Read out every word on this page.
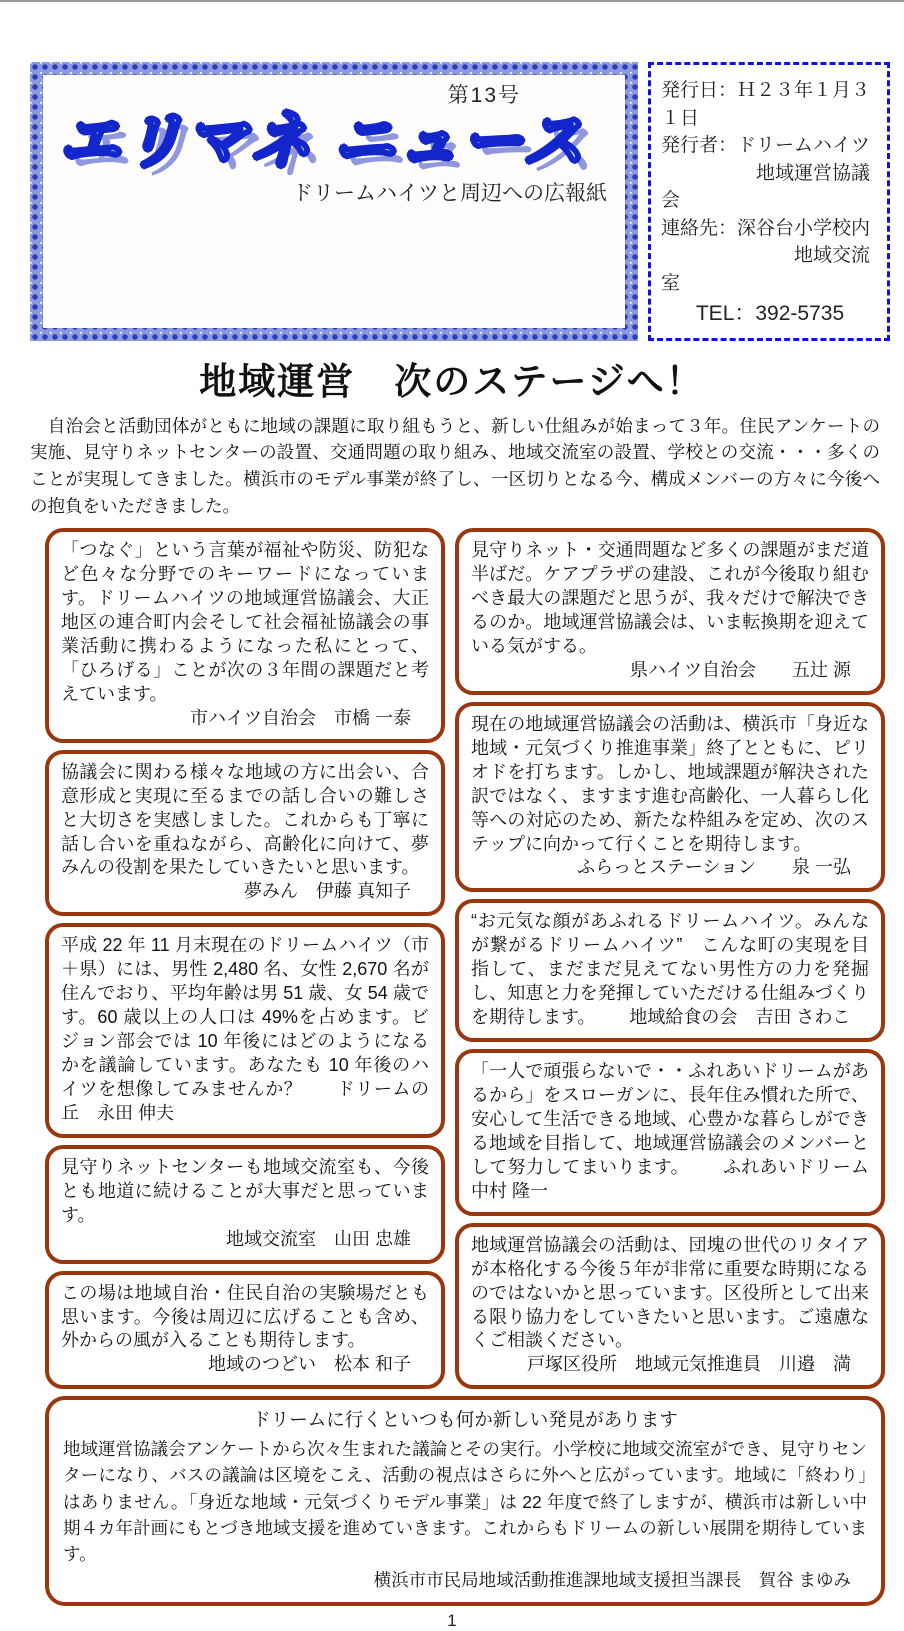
第13号
エリマネ ニュース
ドリームハイツと周辺への広報紙
発行日：Ｈ２３年１月３１日
発行者：ドリームハイツ
　　　　　地域運営協議会
連絡先：深谷台小学校内
　　　　　　　地域交流室
TEL：392-5735
地域運営　次のステージへ！
　自治会と活動団体がともに地域の課題に取り組もうと、新しい仕組みが始まって３年。住民アンケートの実施、見守りネットセンターの設置、交通問題の取り組み、地域交流室の設置、学校との交流・・・多くのことが実現してきました。横浜市のモデル事業が終了し、一区切りとなる今、構成メンバーの方々に今後への抱負をいただきました。
「つなぐ」という言葉が福祉や防災、防犯など色々な分野でのキーワードになっています。ドリームハイツの地域運営協議会、大正地区の連合町内会そして社会福祉協議会の事業活動に携わるようになった私にとって、「ひろげる」ことが次の３年間の課題だと考えています。
市ハイツ自治会　市橋 一泰
協議会に関わる様々な地域の方に出会い、合意形成と実現に至るまでの話し合いの難しさと大切さを実感しました。これからも丁寧に話し合いを重ねながら、高齢化に向けて、夢みんの役割を果たしていきたいと思います。
夢みん　伊藤 真知子
平成 22 年 11 月末現在のドリームハイツ（市＋県）には、男性 2,480 名、女性 2,670 名が住んでおり、平均年齢は男 51 歳、女 54 歳です。60 歳以上の人口は 49%を占めます。ビジョン部会では 10 年後にはどのようになるかを議論しています。あなたも 10 年後のハイツを想像してみませんか？ ドリームの丘　永田 伸夫
見守りネットセンターも地域交流室も、今後とも地道に続けることが大事だと思っています。
地域交流室　山田 忠雄
この場は地域自治・住民自治の実験場だとも思います。今後は周辺に広げることも含め、外からの風が入ることも期待します。
地域のつどい　松本 和子
見守りネット・交通問題など多くの課題がまだ道半ばだ。ケアプラザの建設、これが今後取り組むべき最大の課題だと思うが、我々だけで解決できるのか。地域運営協議会は、いま転換期を迎えている気がする。
県ハイツ自治会　　五辻 源
現在の地域運営協議会の活動は、横浜市「身近な地域・元気づくり推進事業」終了とともに、ピリオドを打ちます。しかし、地域課題が解決された訳ではなく、ますます進む高齢化、一人暮らし化等への対応のため、新たな枠組みを定め、次のステップに向かって行くことを期待します。
ふらっとステーション　　泉 一弘
“お元気な顔があふれるドリームハイツ。みんなが繋がるドリームハイツ”　こんな町の実現を目指して、まだまだ見えてない男性方の力を発掘し、知恵と力を発揮していただける仕組みづくりを期待します。 地域給食の会　吉田 さわこ
「一人で頑張らないで・・ふれあいドリームがあるから」をスローガンに、長年住み慣れた所で、安心して生活できる地域、心豊かな暮らしができる地域を目指して、地域運営協議会のメンバーとして努力してまいります。 ふれあいドリーム　中村 隆一
地域運営協議会の活動は、団塊の世代のリタイアが本格化する今後５年が非常に重要な時期になるのではないかと思っています。区役所として出来る限り協力をしていきたいと思います。ご遠慮なくご相談ください。
戸塚区役所　地域元気推進員　川邉　満
ドリームに行くといつも何か新しい発見があります
地域運営協議会アンケートから次々生まれた議論とその実行。小学校に地域交流室ができ、見守りセンターになり、バスの議論は区境をこえ、活動の視点はさらに外へと広がっています。地域に「終わり」はありません。「身近な地域・元気づくりモデル事業」は 22 年度で終了しますが、横浜市は新しい中期４カ年計画にもとづき地域支援を進めていきます。これからもドリームの新しい展開を期待しています。
横浜市市民局地域活動推進課地域支援担当課長　賀谷 まゆみ
1
